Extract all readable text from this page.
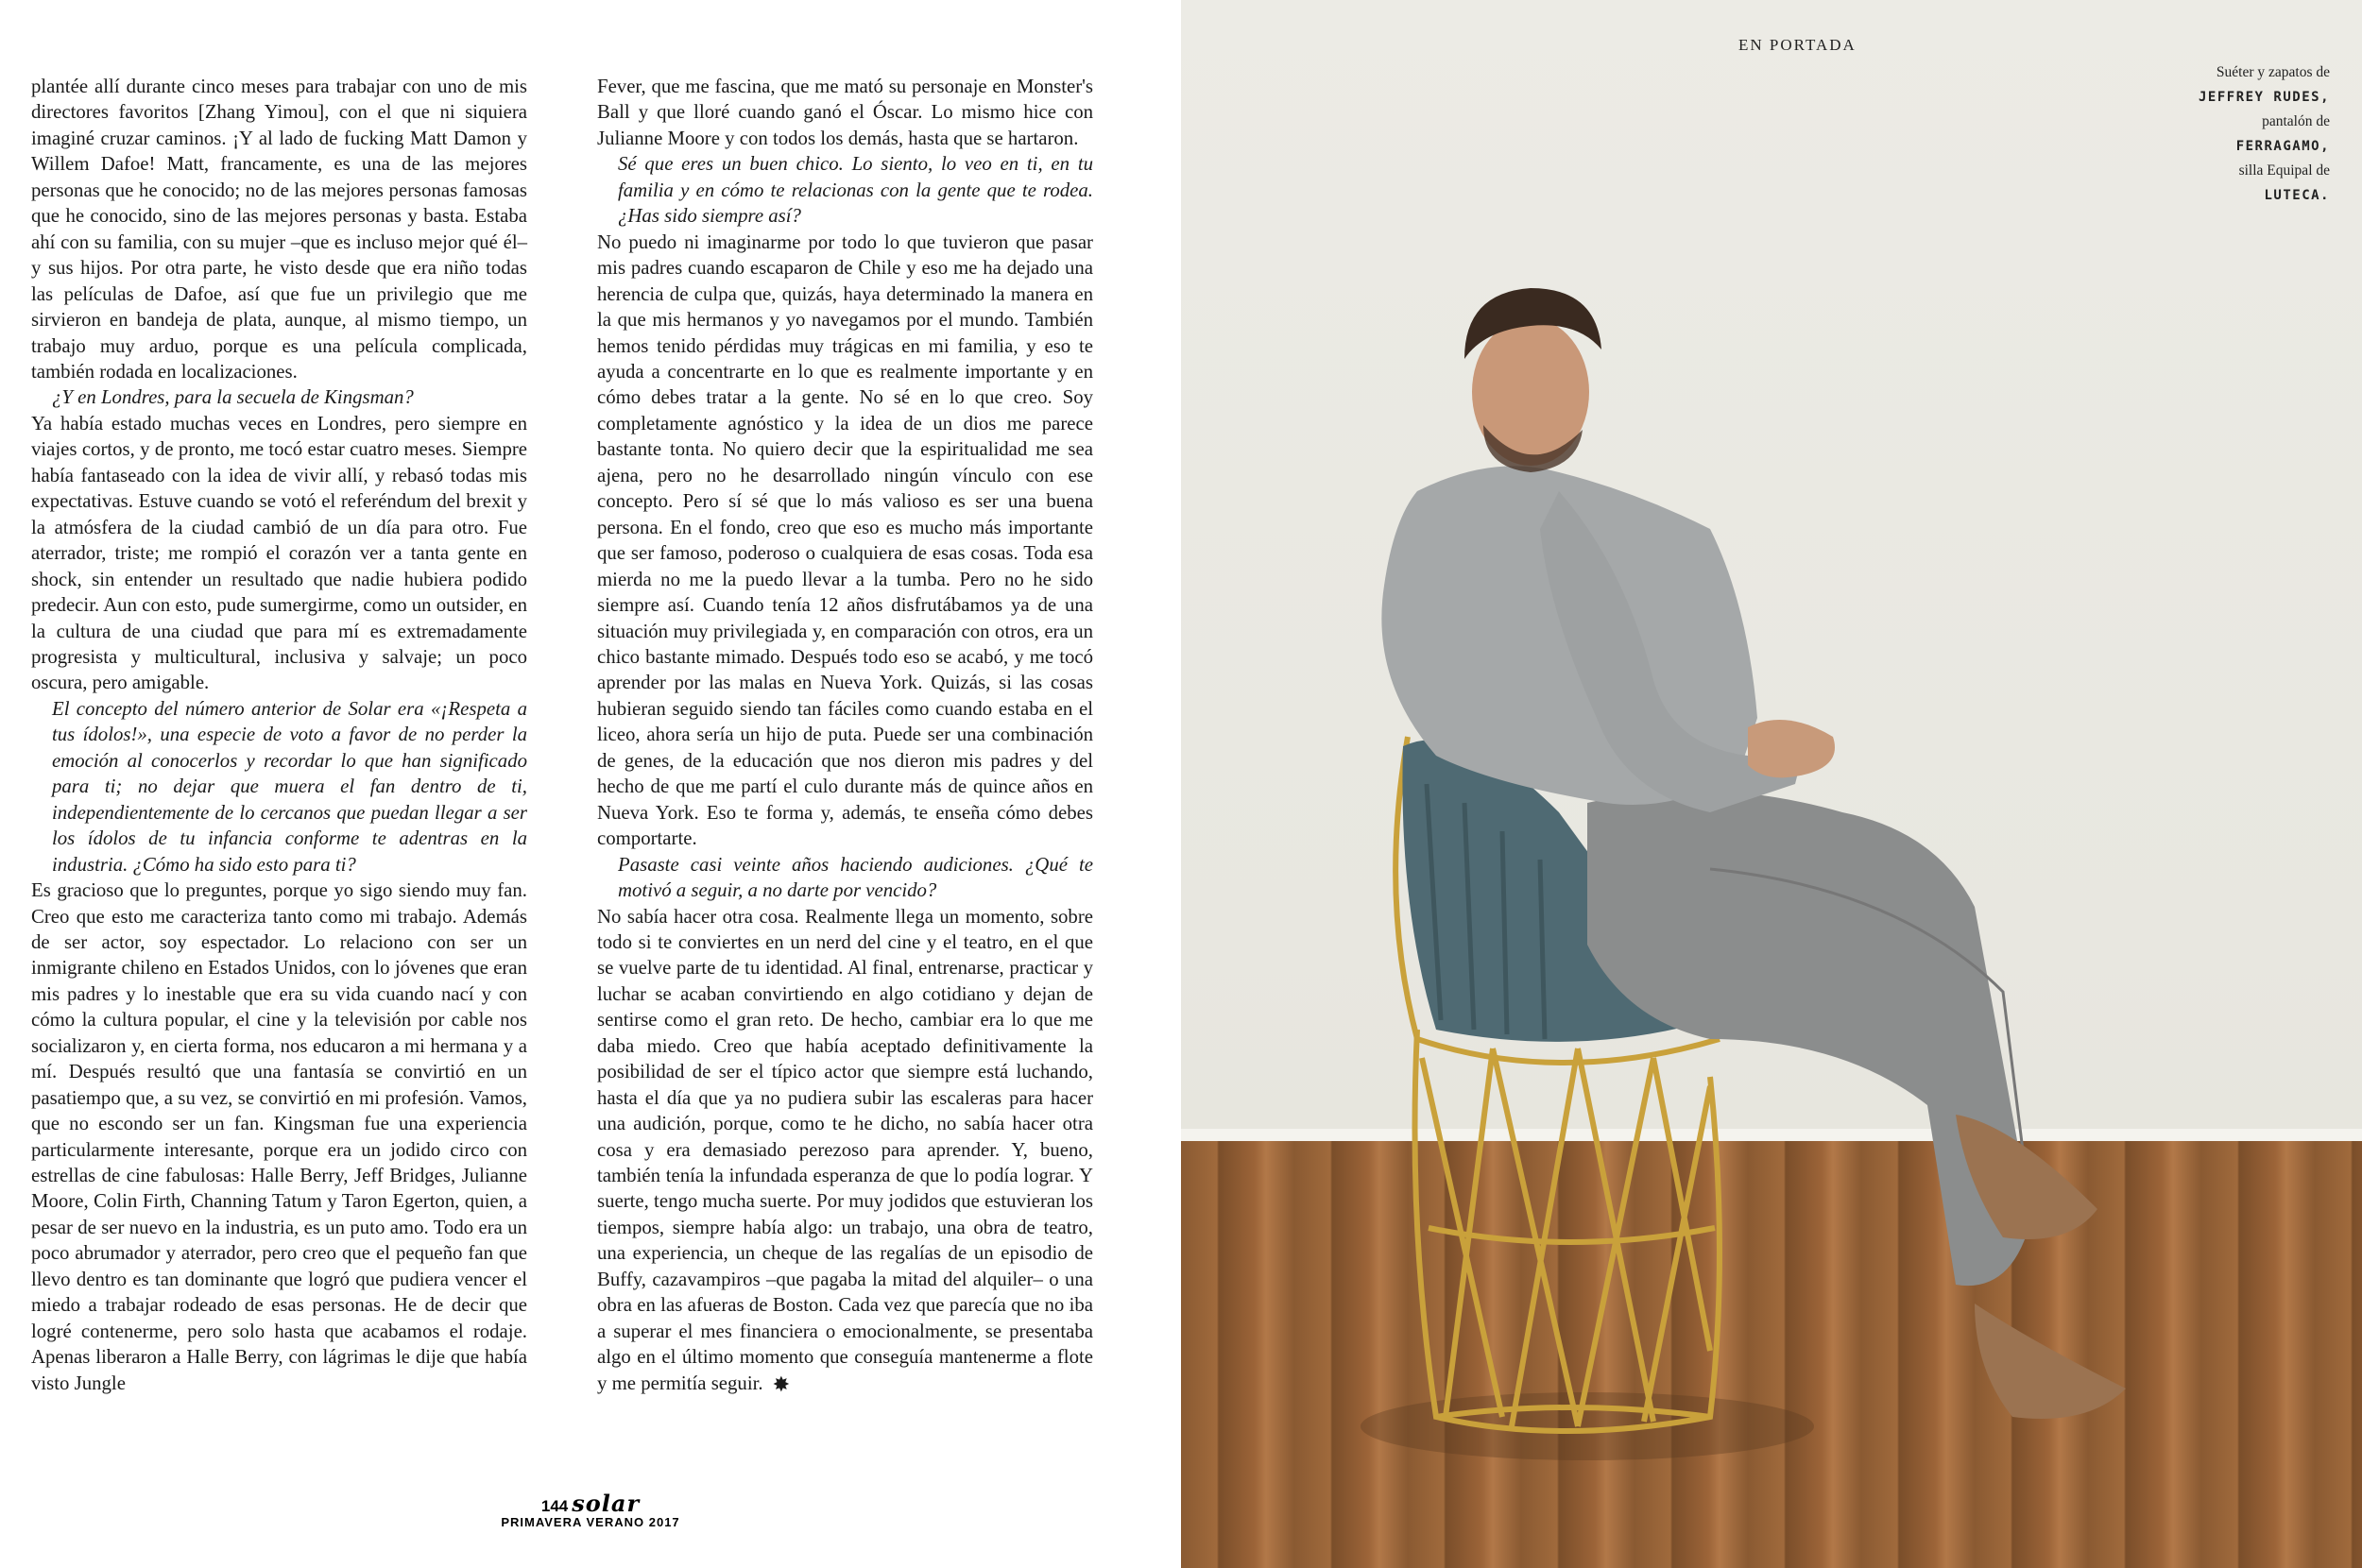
plantée allí durante cinco meses para trabajar con uno de mis directores favoritos [Zhang Yimou], con el que ni siquiera imaginé cruzar caminos. ¡Y al lado de fucking Matt Damon y Willem Dafoe! Matt, francamente, es una de las mejores personas que he conocido; no de las mejores personas famosas que he conocido, sino de las mejores personas y basta. Estaba ahí con su familia, con su mujer –que es incluso mejor qué él– y sus hijos. Por otra parte, he visto desde que era niño todas las películas de Dafoe, así que fue un privilegio que me sirvieron en bandeja de plata, aunque, al mismo tiempo, un trabajo muy arduo, porque es una película complicada, también rodada en localizaciones.

¿Y en Londres, para la secuela de Kingsman?

Ya había estado muchas veces en Londres, pero siempre en viajes cortos, y de pronto, me tocó estar cuatro meses. Siempre había fantaseado con la idea de vivir allí, y rebasó todas mis expectativas. Estuve cuando se votó el referéndum del brexit y la atmósfera de la ciudad cambió de un día para otro. Fue aterrador, triste; me rompió el corazón ver a tanta gente en shock, sin entender un resultado que nadie hubiera podido predecir. Aun con esto, pude sumergirme, como un outsider, en la cultura de una ciudad que para mí es extremadamente progresista y multicultural, inclusiva y salvaje; un poco oscura, pero amigable.

El concepto del número anterior de Solar era «¡Respeta a tus ídolos!», una especie de voto a favor de no perder la emoción al conocerlos y recordar lo que han significado para ti; no dejar que muera el fan dentro de ti, independientemente de lo cercanos que puedan llegar a ser los ídolos de tu infancia conforme te adentras en la industria. ¿Cómo ha sido esto para ti?

Es gracioso que lo preguntes, porque yo sigo siendo muy fan. Creo que esto me caracteriza tanto como mi trabajo. Además de ser actor, soy espectador. Lo relaciono con ser un inmigrante chileno en Estados Unidos, con lo jóvenes que eran mis padres y lo inestable que era su vida cuando nací y con cómo la cultura popular, el cine y la televisión por cable nos socializaron y, en cierta forma, nos educaron a mi hermana y a mí. Después resultó que una fantasía se convirtió en un pasatiempo que, a su vez, se convirtió en mi profesión. Vamos, que no escondo ser un fan. Kingsman fue una experiencia particularmente interesante, porque era un jodido circo con estrellas de cine fabulosas: Halle Berry, Jeff Bridges, Julianne Moore, Colin Firth, Channing Tatum y Taron Egerton, quien, a pesar de ser nuevo en la industria, es un puto amo. Todo era un poco abrumador y aterrador, pero creo que el pequeño fan que llevo dentro es tan dominante que logró que pudiera vencer el miedo a trabajar rodeado de esas personas. He de decir que logré contenerme, pero solo hasta que acabamos el rodaje. Apenas liberaron a Halle Berry, con lágrimas le dije que había visto Jungle

Fever, que me fascina, que me mató su personaje en Monster's Ball y que lloré cuando ganó el Óscar. Lo mismo hice con Julianne Moore y con todos los demás, hasta que se hartaron.

Sé que eres un buen chico. Lo siento, lo veo en ti, en tu familia y en cómo te relacionas con la gente que te rodea. ¿Has sido siempre así?

No puedo ni imaginarme por todo lo que tuvieron que pasar mis padres cuando escaparon de Chile y eso me ha dejado una herencia de culpa que, quizás, haya determinado la manera en la que mis hermanos y yo navegamos por el mundo. También hemos tenido pérdidas muy trágicas en mi familia, y eso te ayuda a concentrarte en lo que es realmente importante y en cómo debes tratar a la gente. No sé en lo que creo. Soy completamente agnóstico y la idea de un dios me parece bastante tonta. No quiero decir que la espiritualidad me sea ajena, pero no he desarrollado ningún vínculo con ese concepto. Pero sí sé que lo más valioso es ser una buena persona. En el fondo, creo que eso es mucho más importante que ser famoso, poderoso o cualquiera de esas cosas. Toda esa mierda no me la puedo llevar a la tumba. Pero no he sido siempre así. Cuando tenía 12 años disfrutábamos ya de una situación muy privilegiada y, en comparación con otros, era un chico bastante mimado. Después todo eso se acabó, y me tocó aprender por las malas en Nueva York. Quizás, si las cosas hubieran seguido siendo tan fáciles como cuando estaba en el liceo, ahora sería un hijo de puta. Puede ser una combinación de genes, de la educación que nos dieron mis padres y del hecho de que me partí el culo durante más de quince años en Nueva York. Eso te forma y, además, te enseña cómo debes comportarte.

Pasaste casi veinte años haciendo audiciones. ¿Qué te motivó a seguir, a no darte por vencido?

No sabía hacer otra cosa. Realmente llega un momento, sobre todo si te conviertes en un nerd del cine y el teatro, en el que se vuelve parte de tu identidad. Al final, entrenarse, practicar y luchar se acaban convirtiendo en algo cotidiano y dejan de sentirse como el gran reto. De hecho, cambiar era lo que me daba miedo. Creo que había aceptado definitivamente la posibilidad de ser el típico actor que siempre está luchando, hasta el día que ya no pudiera subir las escaleras para hacer una audición, porque, como te he dicho, no sabía hacer otra cosa y era demasiado perezoso para aprender. Y, bueno, también tenía la infundada esperanza de que lo podía lograr. Y suerte, tengo mucha suerte. Por muy jodidos que estuvieran los tiempos, siempre había algo: un trabajo, una obra de teatro, una experiencia, un cheque de las regalías de un episodio de Buffy, cazavampiros –que pagaba la mitad del alquiler– o una obra en las afueras de Boston. Cada vez que parecía que no iba a superar el mes financiera o emocionalmente, se presentaba algo en el último momento que conseguía mantenerme a flote y me permitía seguir. ✸

144 solar
PRIMAVERA VERANO 2017
EN PORTADA
Suéter y zapatos de
JEFFREY RUDES,
pantalón de
FERRAGAMO,
silla Equipal de
LUTECA.
